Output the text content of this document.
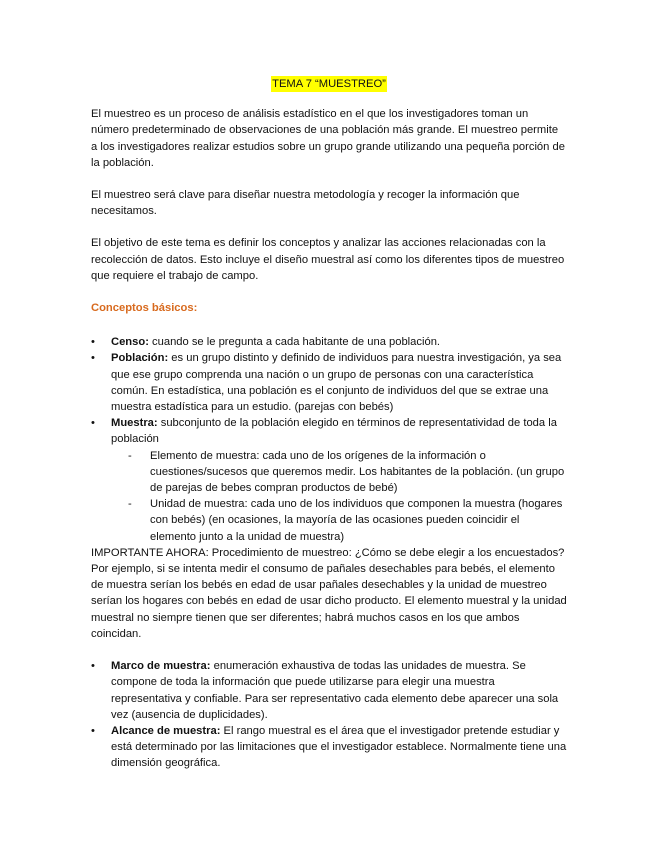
TEMA 7 “MUESTREO”

El muestreo es un proceso de análisis estadístico en el que los investigadores toman un número predeterminado de observaciones de una población más grande. El muestreo permite a los investigadores realizar estudios sobre un grupo grande utilizando una pequeña porción de la población.

El muestreo será clave para diseñar nuestra metodología y recoger la información que necesitamos.

El objetivo de este tema es definir los conceptos y analizar las acciones relacionadas con la recolección de datos. Esto incluye el diseño muestral así como los diferentes tipos de muestreo que requiere el trabajo de campo.

Conceptos básicos:

•	Censo: cuando se le pregunta a cada habitante de una población.
•	Población: es un grupo distinto y definido de individuos para nuestra investigación, ya sea que ese grupo comprenda una nación o un grupo de personas con una característica común. En estadística, una población es el conjunto de individuos del que se extrae una muestra estadística para un estudio. (parejas con bebés)
•	Muestra: subconjunto de la población elegido en términos de representatividad de toda la población
- Elemento de muestra: cada uno de los orígenes de la información o cuestiones/sucesos que queremos medir. Los habitantes de la población. (un grupo de parejas de bebes compran productos de bebé)
- Unidad de muestra: cada uno de los individuos que componen la muestra (hogares con bebés) (en ocasiones, la mayoría de las ocasiones pueden coincidir el elemento junto a la unidad de muestra)

IMPORTANTE AHORA: Procedimiento de muestreo: ¿Cómo se debe elegir a los encuestados? Por ejemplo, si se intenta medir el consumo de pañales desechables para bebés, el elemento de muestra serían los bebés en edad de usar pañales desechables y la unidad de muestreo serían los hogares con bebés en edad de usar dicho producto. El elemento muestral y la unidad muestral no siempre tienen que ser diferentes; habrá muchos casos en los que ambos coincidan.

•	Marco de muestra: enumeración exhaustiva de todas las unidades de muestra. Se compone de toda la información que puede utilizarse para elegir una muestra representativa y confiable. Para ser representativo cada elemento debe aparecer una sola vez (ausencia de duplicidades).
•	Alcance de muestra: El rango muestral es el área que el investigador pretende estudiar y está determinado por las limitaciones que el investigador establece. Normalmente tiene una dimensión geográfica.
